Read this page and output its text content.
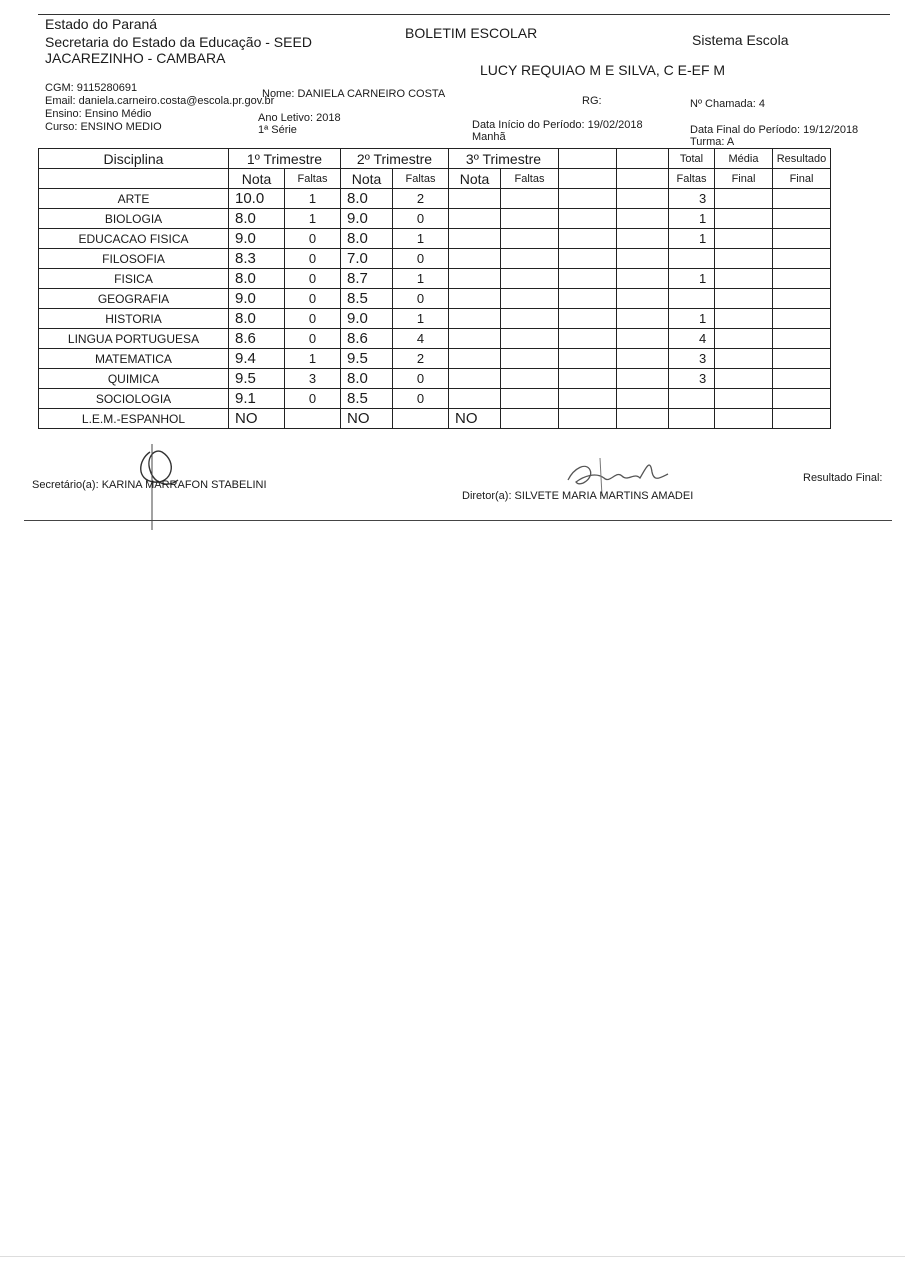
Estado do Paraná
Secretaria do Estado da Educação - SEED
JACAREZINHO - CAMBARA
BOLETIM ESCOLAR	Sistema Escola
LUCY REQUIAO M E SILVA, C E-EF M
CGM: 9115280691	Nome: DANIELA CARNEIRO COSTA
RG:
Email: daniela.carneiro.costa@escola.pr.gov.br	Nº Chamada: 4
Ensino: Ensino Médio	Ano Letivo: 2018
Curso: ENSINO MEDIO	1ª Série	Data Início do Período: 19/02/2018
Manhã
Data Final do Período: 19/12/2018
Turma: A
Disciplina	1º Trimestre		2º Trimestre		3º Trimestre				Total	Média	Resultado
	Nota	Faltas	Nota	Faltas	Nota	Faltas			Faltas	Final	Final
ARTE	10.0	1	8.0	2					3		
BIOLOGIA	8.0	1	9.0	0					1		
EDUCACAO FISICA	9.0	0	8.0	1					1		
FILOSOFIA	8.3	0	7.0	0							
FISICA	8.0	0	8.7	1					1		
GEOGRAFIA	9.0	0	8.5	0							
HISTORIA	8.0	0	9.0	1					1		
LINGUA PORTUGUESA	8.6	0	8.6	4					4		
MATEMATICA	9.4	1	9.5	2					3		
QUIMICA	9.5	3	8.0	0					3		
SOCIOLOGIA	9.1	0	8.5	0							
L.E.M.-ESPANHOL	NO		NO		NO						
Secretário(a): KARINA MARRAFON STABELINI
Diretor(a): SILVETE MARIA MARTINS AMADEI
Resultado Final:
